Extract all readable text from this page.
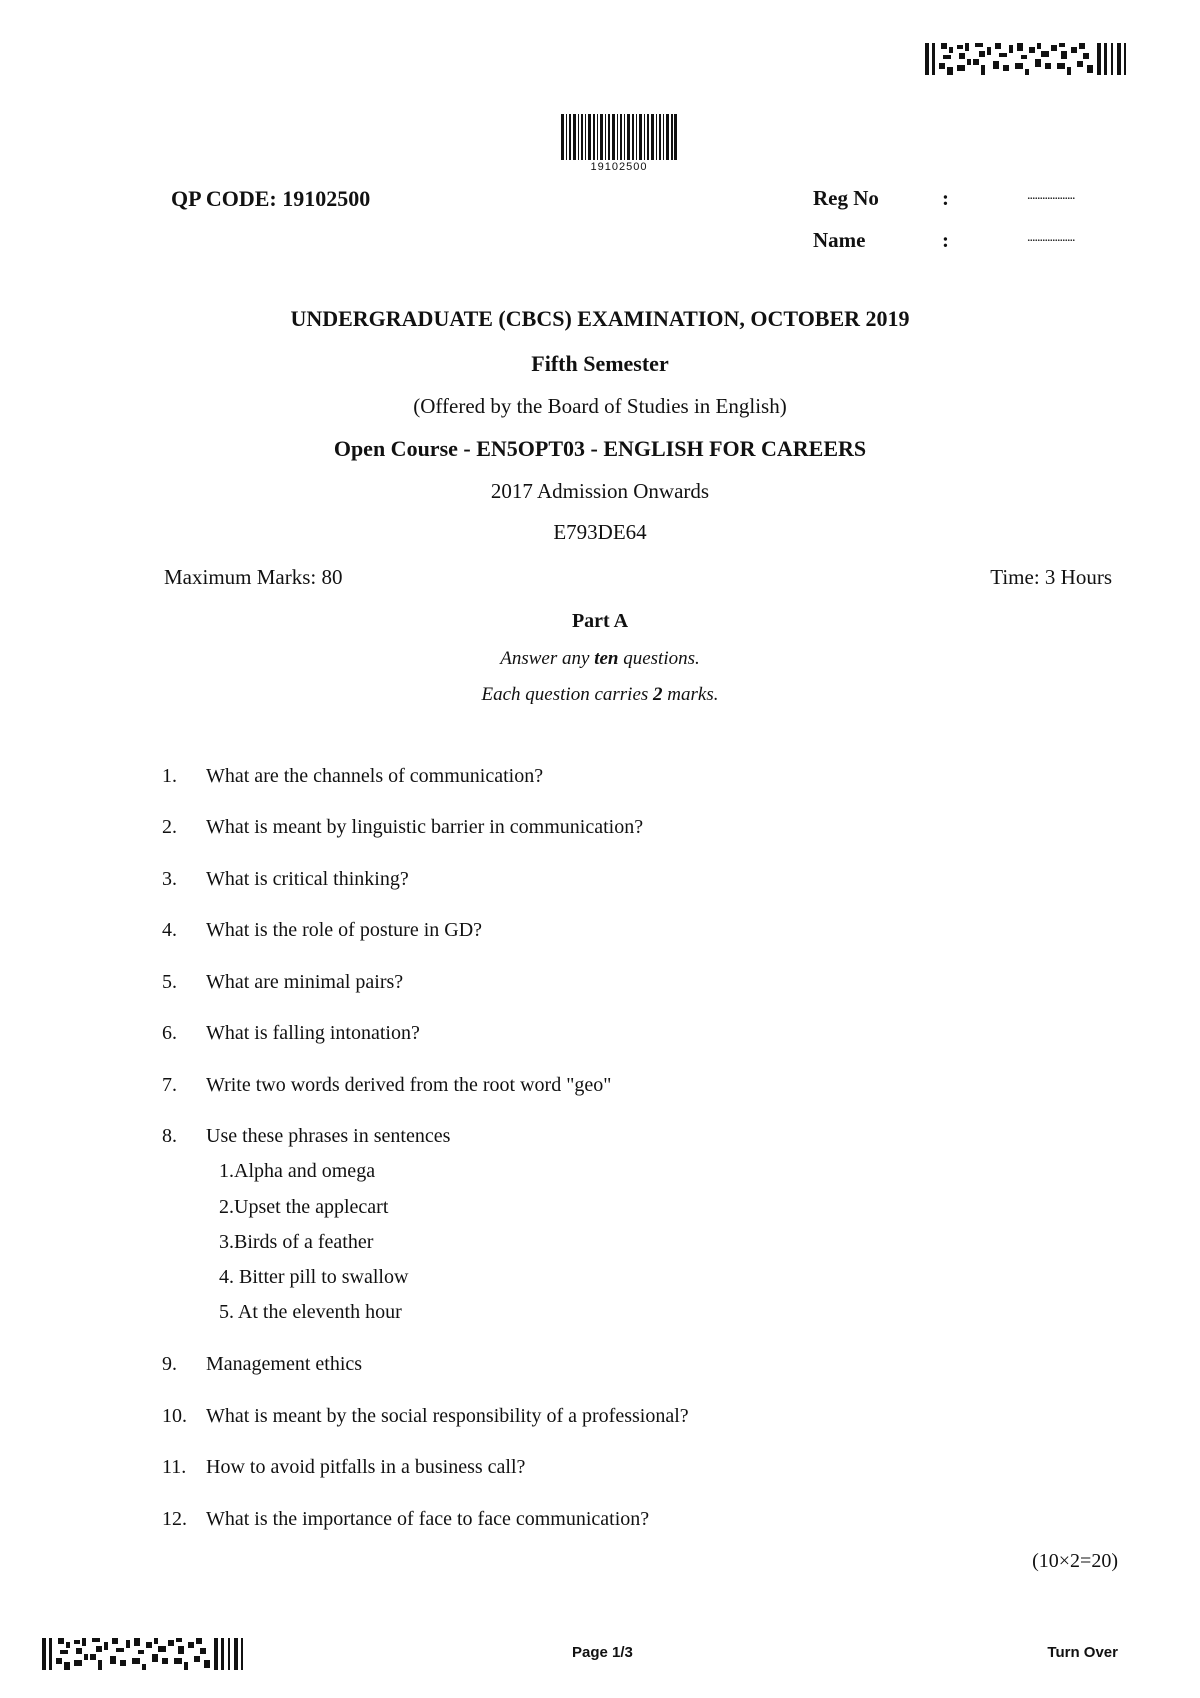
19102500
QP CODE: 19102500	Reg No	:	...................
Name	:	...................
UNDERGRADUATE (CBCS) EXAMINATION, OCTOBER 2019
Fifth Semester
(Offered by the Board of Studies in English)
Open Course - EN5OPT03 - ENGLISH FOR CAREERS
2017 Admission Onwards
E793DE64
Maximum Marks: 80	Time: 3 Hours
Part A
Answer any ten questions.
Each question carries 2 marks.
1.	What are the channels of communication?
2.	What is meant by linguistic barrier in communication?
3.	What is critical thinking?
4.	What is the role of posture in GD?
5.	What are minimal pairs?
6.	What is falling intonation?
7.	Write two words derived from the root word "geo"
8.	Use these phrases in sentences
1.Alpha and omega
2.Upset the applecart
3.Birds of a feather
4. Bitter pill to swallow
5. At the eleventh hour
9.	Management ethics
10. What is meant by the social responsibility of a professional?
11. How to avoid pitfalls in a business call?
12. What is the importance of face to face communication?
(10×2=20)
Page 1/3	Turn Over
